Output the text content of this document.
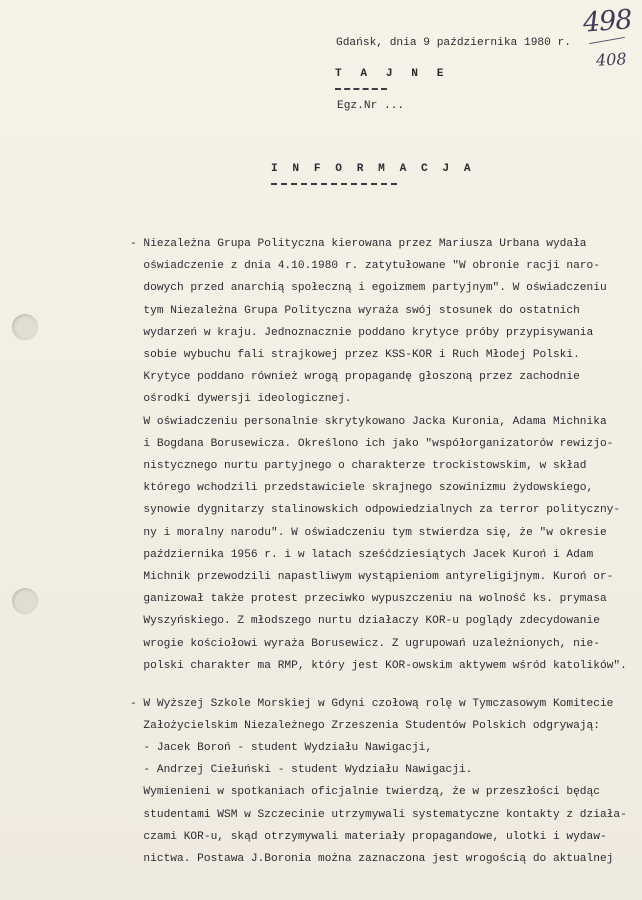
498
408
Gdańsk, dnia 9 października 1980 r.
T A J N E
Egz.Nr ...
I N F O R M A C J A
- Niezależna Grupa Polityczna kierowana przez Mariusza Urbana wydała
oświadczenie z dnia 4.10.1980 r. zatytułowane "W obronie racji naro-
dowych przed anarchią społeczną i egoizmem partyjnym". W oświadczeniu
tym Niezależna Grupa Polityczna wyraża swój stosunek do ostatnich
wydarzeń w kraju. Jednoznacznie poddano krytyce próby przypisywania
sobie wybuchu fali strajkowej przez KSS-KOR i Ruch Młodej Polski.
Krytyce poddano również wrogą propagandę głoszoną przez zachodnie
ośrodki dywersji ideologicznej.
W oświadczeniu personalnie skrytykowano Jacka Kuronia, Adama Michnika
i Bogdana Borusewicza. Określono ich jako "współorganizatorów rewizjo-
nistycznego nurtu partyjnego o charakterze trockistowskim, w skład
którego wchodzili przedstawiciele skrajnego szowinizmu żydowskiego,
synowie dygnitarzy stalinowskich odpowiedzialnych za terror polityczny-
ny i moralny narodu". W oświadczeniu tym stwierdza się, że "w okresie
października 1956 r. i w latach sześćdziesiątych Jacek Kuroń i Adam
Michnik przewodzili napastliwym wystąpieniom antyreligijnym. Kuroń or-
ganizował także protest przeciwko wypuszczeniu na wolność ks. prymasa
Wyszyńskiego. Z młodszego nurtu działaczy KOR-u poglądy zdecydowanie
wrogie kościołowi wyraża Borusewicz. Z ugrupowań uzależnionych, nie-
polski charakter ma RMP, który jest KOR-owskim aktywem wśród katolików".
- W Wyższej Szkole Morskiej w Gdyni czołową rolę w Tymczasowym Komitecie
Założycielskim Niezależnego Zrzeszenia Studentów Polskich odgrywają:
- Jacek Boroń - student Wydziału Nawigacji,
- Andrzej Ciełuński - student Wydziału Nawigacji.
Wymienieni w spotkaniach oficjalnie twierdzą, że w przeszłości będąc
studentami WSM w Szczecinie utrzymywali systematyczne kontakty z działa-
czami KOR-u, skąd otrzymywali materiały propagandowe, ulotki i wydaw-
nictwa. Postawa J.Boronia można zaznaczona jest wrogością do aktualnej
